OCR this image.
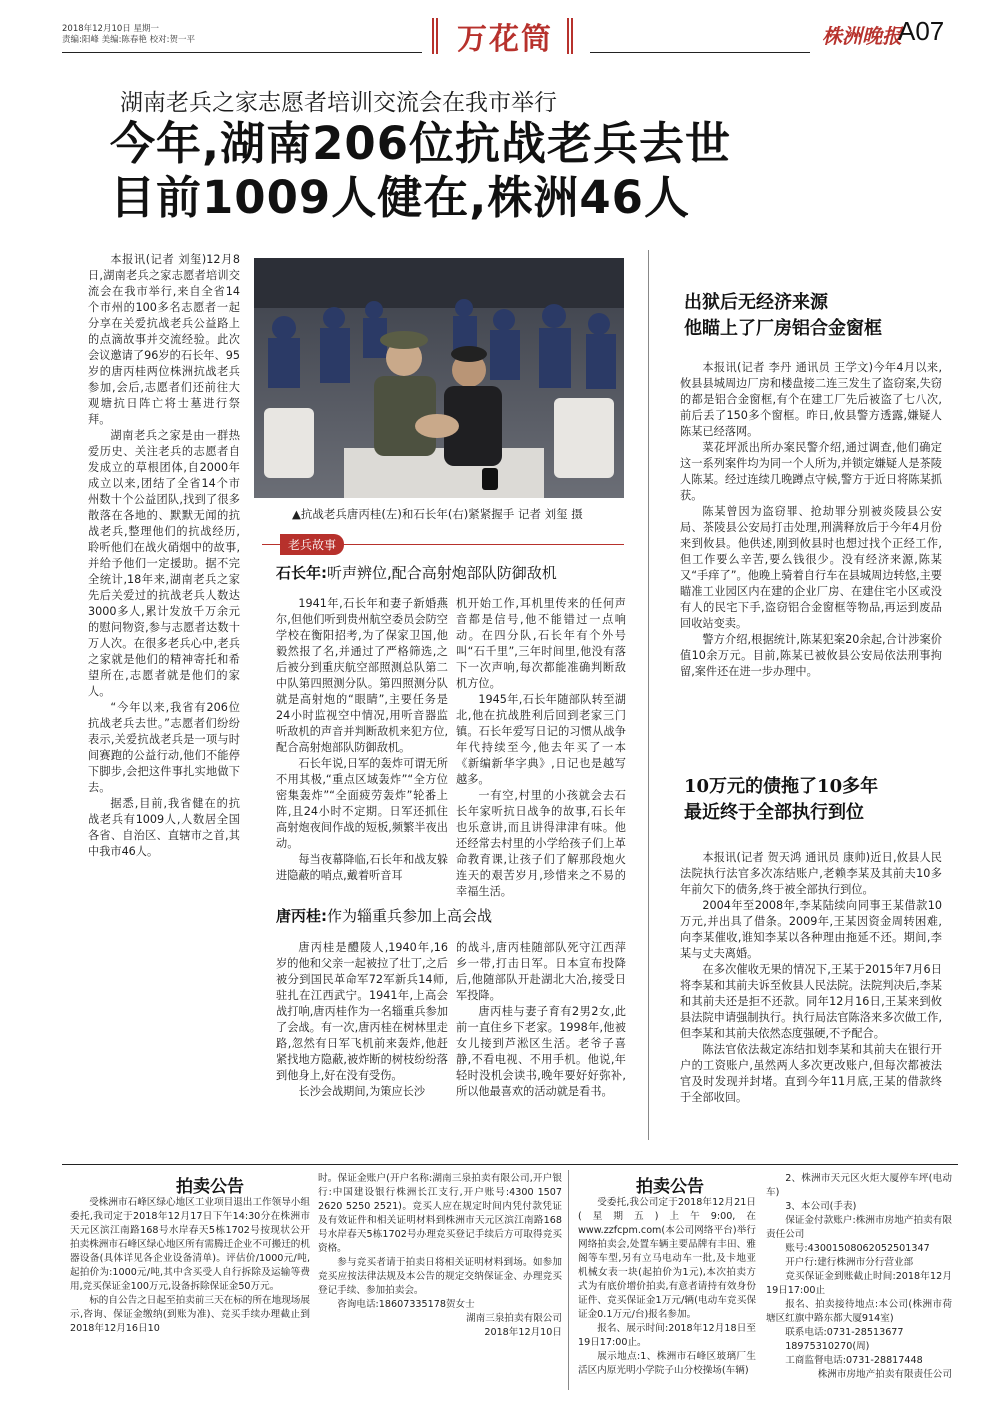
2018年12月10日 星期一
责编:阳峰 美编:陈春艳 校对:贺一平	万花筒	株洲晚报
A07
湖南老兵之家志愿者培训交流会在我市举行
今年,湖南206位抗战老兵去世
目前1009人健在,株洲46人

本报讯(记者 刘玺)12月8日,湖南老兵之家志愿者培训交流会在我市举行,来自全省14个市州的100多名志愿者一起分享在关爱抗战老兵公益路上的点滴故事并交流经验。此次会议邀请了96岁的石长年、95岁的唐丙桂两位株洲抗战老兵参加,会后,志愿者们还前往大观塘抗日阵亡将士墓进行祭拜。

湖南老兵之家是由一群热爱历史、关注老兵的志愿者自发成立的草根团体,自2000年成立以来,团结了全省14个市州数十个公益团队,找到了很多散落在各地的、默默无闻的抗战老兵,整理他们的抗战经历,聆听他们在战火硝烟中的故事,并给予他们一定援助。据不完全统计,18年来,湖南老兵之家先后关爱过的抗战老兵人数达3000多人,累计发放千万余元的慰问物资,参与志愿者达数十万人次。在很多老兵心中,老兵之家就是他们的精神寄托和希望所在,志愿者就是他们的家人。

“今年以来,我省有206位抗战老兵去世。”志愿者们纷纷表示,关爱抗战老兵是一项与时间赛跑的公益行动,他们不能停下脚步,会把这件事扎实地做下去。

据悉,目前,我省健在的抗战老兵有1009人,人数居全国各省、自治区、直辖市之首,其中我市46人。

▲抗战老兵唐丙桂(左)和石长年(右)紧紧握手 记者 刘玺 摄
老兵故事
石长年:听声辨位,配合高射炮部队防御敌机

1941年,石长年和妻子新婚燕尔,但他们听到贵州航空委员会防空学校在衡阳招考,为了保家卫国,他毅然报了名,并通过了严格筛选,之后被分到重庆航空部照测总队第二中队第四照测分队。第四照测分队就是高射炮的“眼睛”,主要任务是24小时监视空中情况,用听音器监听敌机的声音并判断敌机来犯方位,配合高射炮部队防御敌机。

石长年说,日军的轰炸可谓无所不用其极,“重点区域轰炸”“全方位密集轰炸”“全面疲劳轰炸”轮番上阵,且24小时不定期。日军还抓住高射炮夜间作战的短板,频繁半夜出动。

每当夜幕降临,石长年和战友躲进隐蔽的哨点,戴着听音耳

机开始工作,耳机里传来的任何声音都是信号,他不能错过一点响动。在四分队,石长年有个外号叫“石千里”,三年时间里,他没有落下一次声响,每次都能准确判断敌机方位。

1945年,石长年随部队转至湖北,他在抗战胜利后回到老家三门镇。石长年爱写日记的习惯从战争年代持续至今,他去年买了一本《新编新华字典》,日记也是越写越多。

一有空,村里的小孩就会去石长年家听抗日战争的故事,石长年也乐意讲,而且讲得津津有味。他还经常去村里的小学给孩子们上革命教育课,让孩子们了解那段炮火连天的艰苦岁月,珍惜来之不易的幸福生活。

唐丙桂:作为辎重兵参加上高会战

唐丙桂是醴陵人,1940年,16岁的他和父亲一起被拉了壮丁,之后被分到国民革命军72军新兵14师,驻扎在江西武宁。1941年,上高会战打响,唐丙桂作为一名辎重兵参加了会战。有一次,唐丙桂在树林里走路,忽然有日军飞机前来轰炸,他赶紧找地方隐蔽,被炸断的树枝纷纷落到他身上,好在没有受伤。

长沙会战期间,为策应长沙

的战斗,唐丙桂随部队死守江西萍乡一带,打击日军。日本宣布投降后,他随部队开赴湖北大冶,接受日军投降。

唐丙桂与妻子育有2男2女,此前一直住乡下老家。1998年,他被女儿接到芦淞区生活。老爷子喜静,不看电视、不用手机。他说,年轻时没机会读书,晚年要好好弥补,所以他最喜欢的活动就是看书。

出狱后无经济来源
他瞄上了厂房铝合金窗框

本报讯(记者 李丹 通讯员 王学文)今年4月以来,攸县县城周边厂房和楼盘接二连三发生了盗窃案,失窃的都是铝合金窗框,有个在建工厂先后被盗了七八次,前后丢了150多个窗框。昨日,攸县警方透露,嫌疑人陈某已经落网。

菜花坪派出所办案民警介绍,通过调查,他们确定这一系列案件均为同一个人所为,并锁定嫌疑人是茶陵人陈某。经过连续几晚蹲点守候,警方于近日将陈某抓获。

陈某曾因为盗窃罪、抢劫罪分别被炎陵县公安局、茶陵县公安局打击处理,刑满释放后于今年4月份来到攸县。他供述,刚到攸县时也想过找个正经工作,但工作要么辛苦,要么钱很少。没有经济来源,陈某又“手痒了”。他晚上骑着自行车在县城周边转悠,主要瞄准工业园区内在建的企业厂房、在建住宅小区或没有人的民宅下手,盗窃铝合金窗框等物品,再运到废品回收站变卖。

警方介绍,根据统计,陈某犯案20余起,合计涉案价值10余万元。目前,陈某已被攸县公安局依法刑事拘留,案件还在进一步办理中。

10万元的债拖了10多年
最近终于全部执行到位

本报讯(记者 贺天鸿 通讯员 康帅)近日,攸县人民法院执行法官多次冻结账户,老赖李某及其前夫10多年前欠下的债务,终于被全部执行到位。

2004年至2008年,李某陆续向同事王某借款10万元,并出具了借条。2009年,王某因资金周转困难,向李某催收,谁知李某以各种理由拖延不还。期间,李某与丈夫离婚。

在多次催收无果的情况下,王某于2015年7月6日将李某和其前夫诉至攸县人民法院。法院判决后,李某和其前夫还是拒不还款。同年12月16日,王某来到攸县法院申请强制执行。执行局法官陈洛来多次做工作,但李某和其前夫依然态度强硬,不予配合。

陈法官依法裁定冻结扣划李某和其前夫在银行开户的工资账户,虽然两人多次更改账户,但每次都被法官及时发现并封堵。直到今年11月底,王某的借款终于全部收回。

拍卖公告

受株洲市石峰区绿心地区工业项目退出工作领导小组委托,我司定于2018年12月17日下午14:30分在株洲市天元区滨江南路168号水岸春天5栋1702号按现状公开拍卖株洲市石峰区绿心地区所有需腾迁企业不可搬迁的机器设备(具体详见各企业设备清单)。评估价/1000元/吨,起拍价为:1000元/吨,其中含买受人自行拆除及运输等费用,竞买保证金100万元,设备拆除保证金50万元。

标的自公告之日起至拍卖前三天在标的所在地现场展示,咨询、保证金缴纳(到账为准)、竞买手续办理截止到2018年12月16日10

时。保证金账户(开户名称:湖南三泉拍卖有限公司,开户银行:中国建设银行株洲长江支行,开户账号:4300 1507 2620 5250 2521)。竞买人应在规定时间内凭付款凭证及有效证件和相关证明材料到株洲市天元区滨江南路168号水岸春天5栋1702号办理竞买登记手续后方可取得竞买资格。

参与竞买者请于拍卖日将相关证明材料到场。如参加竞买应按法律法规及本公告的规定交纳保证金、办理竞买登记手续、参加拍卖会。

咨询电话:18607335178贺女士

湖南三泉拍卖有限公司

2018年12月10日

拍卖公告

受委托,我公司定于2018年12月21日(星期五)上午9:00,在www.zzfcpm.com(本公司网络平台)举行网络拍卖会,处置车辆主要品牌有丰田、雅阁等车型,另有立马电动车一批,及卡地亚机械女表一块(起拍价为1元),本次拍卖方式为有底价增价拍卖,有意者请持有效身份证件、竞买保证金1万元/辆(电动车竞买保证金0.1万元/台)报名参加。

报名、展示时间:2018年12月18日至19日17:00止。

展示地点:1、株洲市石峰区玻璃厂生活区内原光明小学院子山分校操场(车辆)

2、株洲市天元区火炬大厦停车坪(电动车)

3、本公司(手表)

保证金付款账户:株洲市房地产拍卖有限责任公司

账号:43001508062052501347

开户行:建行株洲市分行营业部

竞买保证金到账截止时间:2018年12月19日17:00止

报名、拍卖接待地点:本公司(株洲市荷塘区红旗中路东都大厦914室)

联系电话:0731-28513677

18975310270(周)

工商监督电话:0731-28817448

株洲市房地产拍卖有限责任公司
